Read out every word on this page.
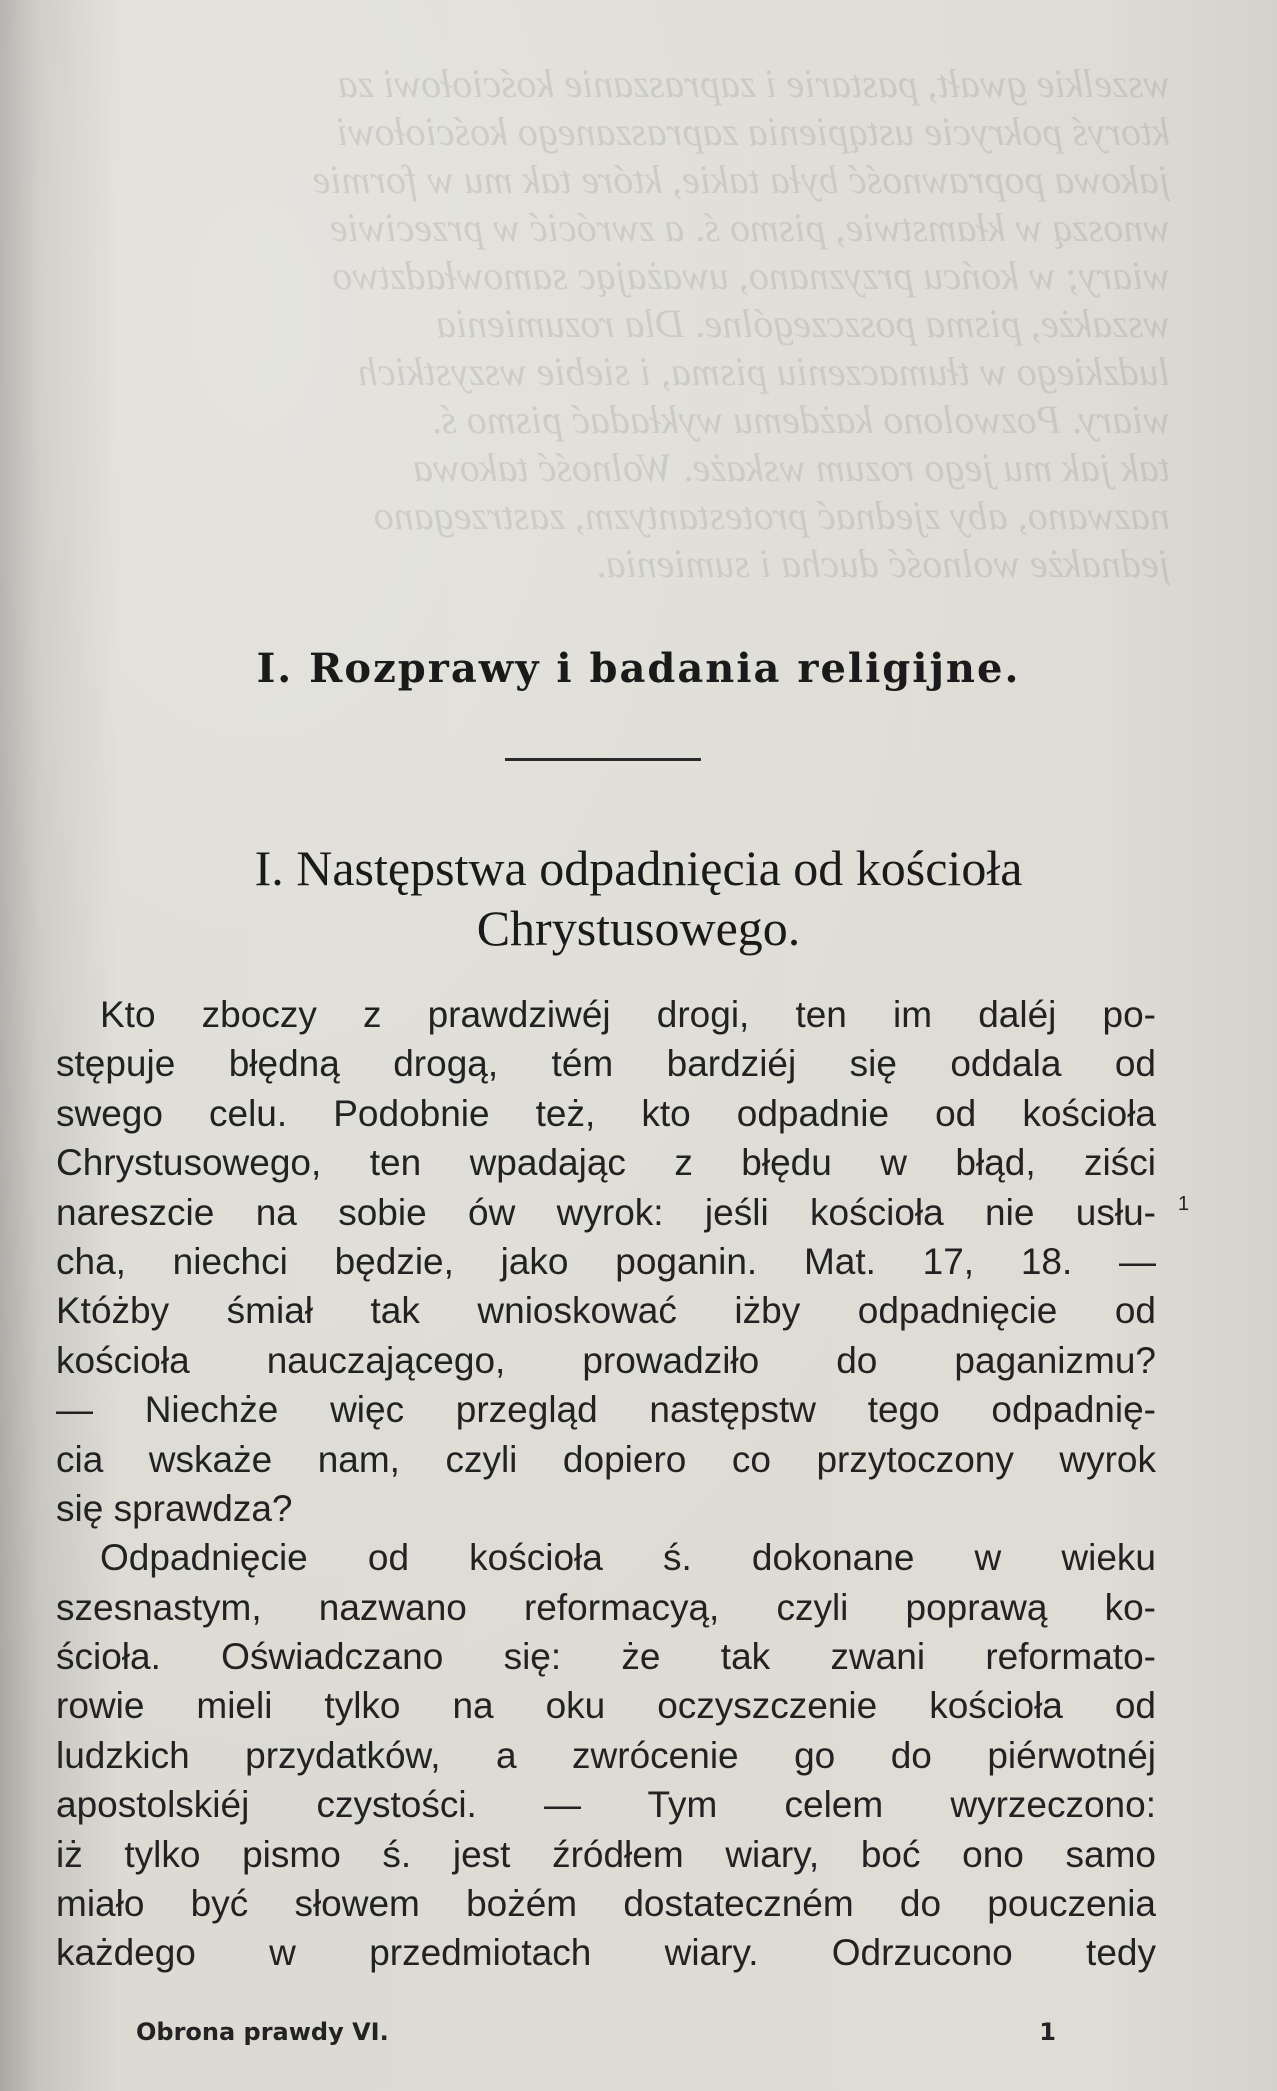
wszelkie gwałt, pastarie i zapraszanie kościołowi za
ktoryś pokrycie ustąpienia zapraszanego kościołowi
jakowa poprawność była takie, które tak mu w formie
wnoszą w kłamstwie, pismo ś. a zwrócić w przeciwie
wiary; w końcu przyznano, uważając samowładztwo
wszakże, pisma poszczególne. Dla rozumienia
ludzkiego w tłumaczeniu pisma, i siebie wszystkich
wiary. Pozwolono każdemu wykładać pismo ś.
tak jak mu jego rozum wskaże. Wolność takowa
nazwano, aby zjednać protestantyzm, zastrzegano
jednakże wolność ducha i sumienia.
I. Rozprawy i badania religijne.
I. Następstwa odpadnięcia od kościoła
Chrystusowego.
Kto zboczy z prawdziwéj drogi, ten im daléj po-
stępuje błędną drogą, tém bardziéj się oddala od
swego celu. Podobnie też, kto odpadnie od kościoła
Chrystusowego, ten wpadając z błędu w błąd, ziści
nareszcie na sobie ów wyrok: jeśli kościoła nie usłu-
cha, niechci będzie, jako poganin. Mat. 17, 18. —
Któżby śmiał tak wnioskować iżby odpadnięcie od
kościoła nauczającego, prowadziło do paganizmu?
— Niechże więc przegląd następstw tego odpadnię-
cia wskaże nam, czyli dopiero co przytoczony wyrok
się sprawdza?
Odpadnięcie od kościoła ś. dokonane w wieku
szesnastym, nazwano reformacyą, czyli poprawą ko-
ścioła. Oświadczano się: że tak zwani reformato-
rowie mieli tylko na oku oczyszczenie kościoła od
ludzkich przydatków, a zwrócenie go do piérwotnéj
apostolskiéj czystości. — Tym celem wyrzeczono:
iż tylko pismo ś. jest źródłem wiary, boć ono samo
miało być słowem bożém dostateczném do pouczenia
każdego w przedmiotach wiary. Odrzucono tedy
1
Obrona prawdy VI.	1
